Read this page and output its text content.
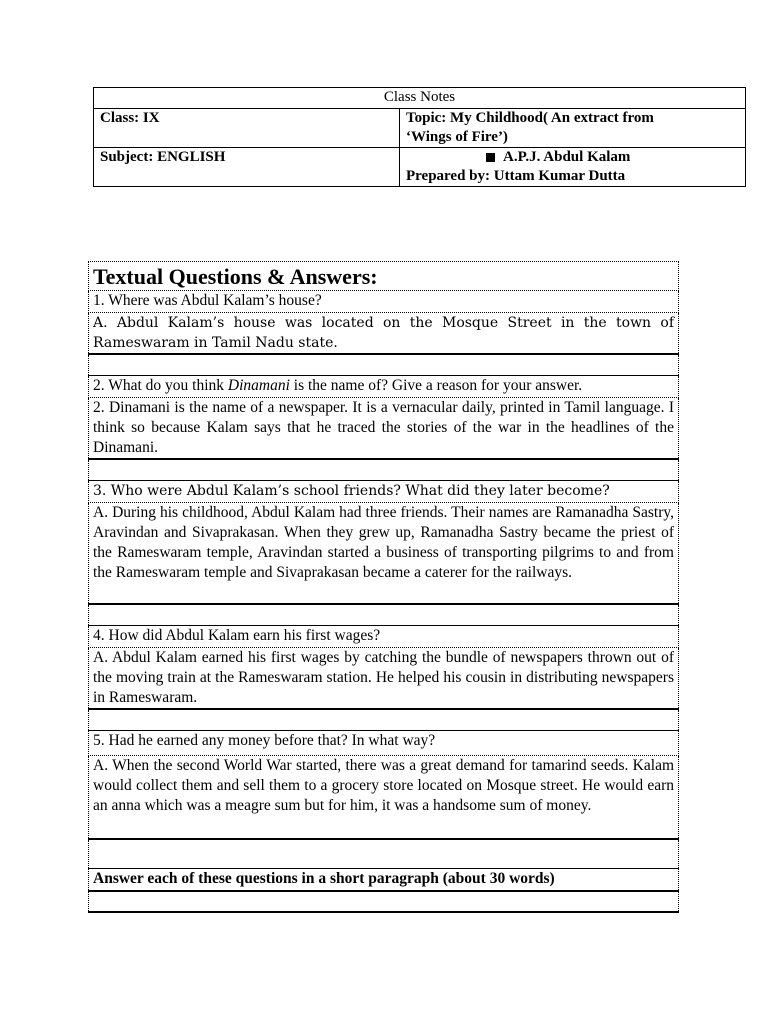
Class Notes	
Class: IX	Topic: My Childhood( An extract from
‘Wings of Fire’)

Subject: ENGLISH	A.P.J. Abdul Kalam
Prepared by: Uttam Kumar Dutta
Textual Questions & Answers:
1. Where was Abdul Kalam’s house?
A. Abdul Kalam’s house was located on the Mosque Street in the town of Rameswaram in Tamil Nadu state.

2. What do you think Dinamani is the name of? Give a reason for your answer.
2. Dinamani is the name of a newspaper. It is a vernacular daily, printed in Tamil language. I think so because Kalam says that he traced the stories of the war in the headlines of the Dinamani.

3. Who were Abdul Kalam’s school friends? What did they later become?
A. During his childhood, Abdul Kalam had three friends. Their names are Ramanadha Sastry, Aravindan and Sivaprakasan. When they grew up, Ramanadha Sastry became the priest of the Rameswaram temple, Aravindan started a business of transporting pilgrims to and from the Rameswaram temple and Sivaprakasan became a caterer for the railways.

4. How did Abdul Kalam earn his first wages?
A. Abdul Kalam earned his first wages by catching the bundle of newspapers thrown out of the moving train at the Rameswaram station. He helped his cousin in distributing newspapers in Rameswaram.

5. Had he earned any money before that? In what way?
A. When the second World War started, there was a great demand for tamarind seeds. Kalam would collect them and sell them to a grocery store located on Mosque street. He would earn an anna which was a meagre sum but for him, it was a handsome sum of money.

Answer each of these questions in a short paragraph (about 30 words)
